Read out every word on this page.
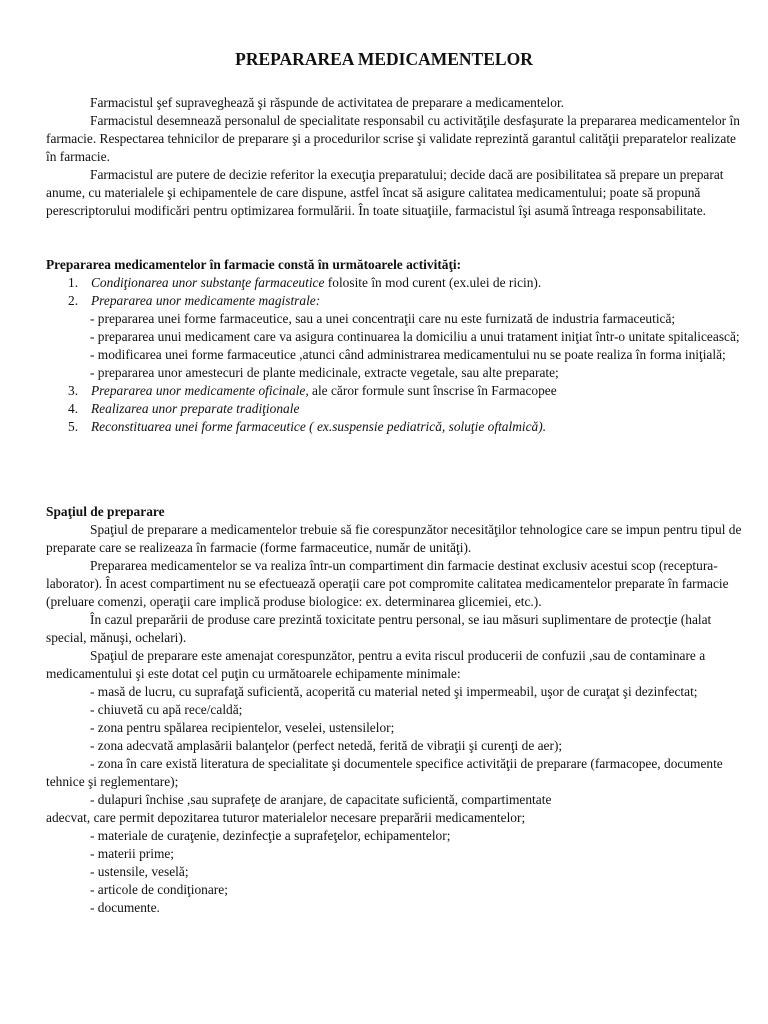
PREPARAREA MEDICAMENTELOR

Farmacistul şef supraveghează şi răspunde de activitatea de preparare a medicamentelor.

Farmacistul desemnează personalul de specialitate responsabil cu activităţile desfaşurate la prepararea medicamentelor în farmacie. Respectarea tehnicilor de preparare şi a procedurilor scrise şi validate reprezintă garantul calităţii preparatelor realizate în farmacie.

Farmacistul are putere de decizie referitor la execuţia preparatului; decide dacă are posibilitatea să prepare un preparat anume, cu materialele şi echipamentele de care dispune, astfel încat să asigure calitatea medicamentului; poate să propună perescriptorului modificări pentru optimizarea formulării. În toate situaţiile, farmacistul îşi asumă întreaga responsabilitate.

Prepararea medicamentelor în farmacie constă în următoarele activităţi:

1. Condiţionarea unor substanţe farmaceutice folosite în mod curent (ex.ulei de ricin).

2. Prepararea unor medicamente magistrale:

- prepararea unei forme farmaceutice, sau a unei concentraţii care nu este furnizată de industria farmaceutică;

- prepararea unui medicament care va asigura continuarea la domiciliu a unui tratament iniţiat într-o unitate spitalicească;

- modificarea unei forme farmaceutice ,atunci când administrarea medicamentului nu se poate realiza în forma iniţială;

- prepararea unor amestecuri de plante medicinale, extracte vegetale, sau alte preparate;

3. Prepararea unor medicamente oficinale, ale căror formule sunt înscrise în Farmacopee

4. Realizarea unor preparate tradiţionale

5. Reconstituarea unei forme farmaceutice ( ex.suspensie pediatrică, soluţie oftalmică).

Spaţiul de preparare

Spaţiul de preparare a medicamentelor trebuie să fie corespunzător necesităţilor tehnologice care se impun pentru tipul de preparate care se realizeaza în farmacie (forme farmaceutice, număr de unităţi).

Prepararea medicamentelor se va realiza într-un compartiment din farmacie destinat exclusiv acestui scop (receptura-laborator). În acest compartiment nu se efectuează operaţii care pot compromite calitatea medicamentelor preparate în farmacie (preluare comenzi, operaţii care implică produse biologice: ex. determinarea glicemiei, etc.).

În cazul preparării de produse care prezintă toxicitate pentru personal, se iau măsuri suplimentare de protecţie (halat special, mănuşi, ochelari).

Spaţiul de preparare este amenajat corespunzător, pentru a evita riscul producerii de confuzii ,sau de contaminare a medicamentului şi este dotat cel puţin cu următoarele echipamente minimale:

- masă de lucru, cu suprafaţă suficientă, acoperită cu material neted şi impermeabil, uşor de curaţat şi dezinfectat;

- chiuvetă cu apă rece/caldă;

- zona pentru spălarea recipientelor, veselei, ustensilelor;

- zona adecvată amplasării balanţelor (perfect netedă, ferită de vibraţii şi curenţi de aer);

- zona în care există literatura de specialitate şi documentele specifice activităţii de preparare (farmacopee, documente tehnice şi reglementare);

- dulapuri închise ,sau suprafeţe de aranjare, de capacitate suficientă, compartimentate

adecvat, care permit depozitarea tuturor materialelor necesare preparării medicamentelor;

- materiale de curaţenie, dezinfecţie a suprafeţelor, echipamentelor;

- materii prime;

- ustensile, veselă;

- articole de condiţionare;

- documente.
